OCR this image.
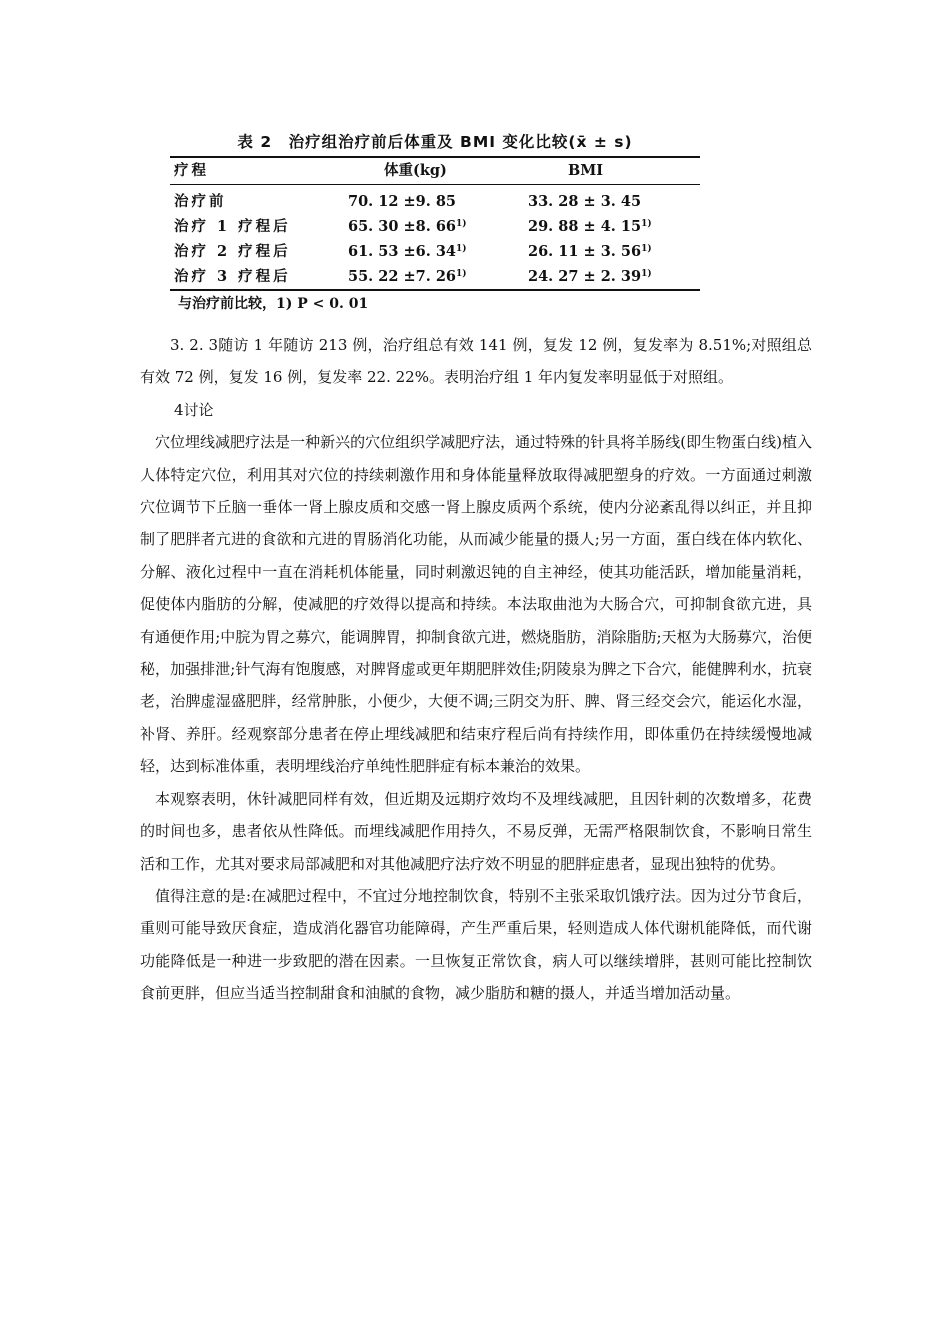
表 2　治疗组治疗前后体重及 BMI 变化比较(x̄ ± s)
疗程	体重(kg)	BMI
治疗前	70. 12 ±9. 85	33. 28 ± 3. 45
治疗 1 疗程后	65. 30 ±8. 66$^{1)}$	29. 88 ± 4. 15$^{1)}$
治疗 2 疗程后	61. 53 ±6. 34$^{1)}$	26. 11 ± 3. 56$^{1)}$
治疗 3 疗程后	55. 22 ±7. 26$^{1)}$	24. 27 ± 2. 39$^{1)}$
与治疗前比较，1) P < 0. 01

3. 2. 3随访 1 年随访 213 例，治疗组总有效 141 例，复发 12 例，复发率为 8.51%;对照组总有效 72 例，复发 16 例，复发率 22. 22%。表明治疗组 1 年内复发率明显低于对照组。

4讨论

穴位埋线减肥疗法是一种新兴的穴位组织学减肥疗法，通过特殊的针具将羊肠线(即生物蛋白线)植入人体特定穴位，利用其对穴位的持续刺激作用和身体能量释放取得减肥塑身的疗效。一方面通过刺激穴位调节下丘脑一垂体一肾上腺皮质和交感一肾上腺皮质两个系统，使内分泌紊乱得以纠正，并且抑制了肥胖者亢进的食欲和亢进的胃肠消化功能，从而减少能量的摄人;另一方面，蛋白线在体内软化、分解、液化过程中一直在消耗机体能量，同时刺激迟钝的自主神经，使其功能活跃，增加能量消耗，促使体内脂肪的分解，使减肥的疗效得以提高和持续。本法取曲池为大肠合穴，可抑制食欲亢进，具有通便作用;中脘为胃之募穴，能调脾胃，抑制食欲亢进，燃烧脂肪，消除脂肪;天枢为大肠募穴，治便秘，加强排泄;针气海有饱腹感，对脾肾虚或更年期肥胖效佳;阴陵泉为脾之下合穴，能健脾利水，抗衰老，治脾虚湿盛肥胖，经常肿胀，小便少，大便不调;三阴交为肝、脾、肾三经交会穴，能运化水湿，补肾、养肝。经观察部分患者在停止埋线减肥和结束疗程后尚有持续作用，即体重仍在持续缓慢地减轻，达到标准体重，表明埋线治疗单纯性肥胖症有标本兼治的效果。

本观察表明，休针减肥同样有效，但近期及远期疗效均不及埋线减肥，且因针刺的次数增多，花费的时间也多，患者依从性降低。而埋线减肥作用持久，不易反弹，无需严格限制饮食，不影响日常生活和工作，尤其对要求局部减肥和对其他减肥疗法疗效不明显的肥胖症患者，显现出独特的优势。

值得注意的是:在减肥过程中，不宜过分地控制饮食，特别不主张采取饥饿疗法。因为过分节食后，重则可能导致厌食症，造成消化器官功能障碍，产生严重后果，轻则造成人体代谢机能降低，而代谢功能降低是一种进一步致肥的潜在因素。一旦恢复正常饮食，病人可以继续增胖，甚则可能比控制饮食前更胖，但应当适当控制甜食和油腻的食物，减少脂肪和糖的摄人，并适当增加活动量。
